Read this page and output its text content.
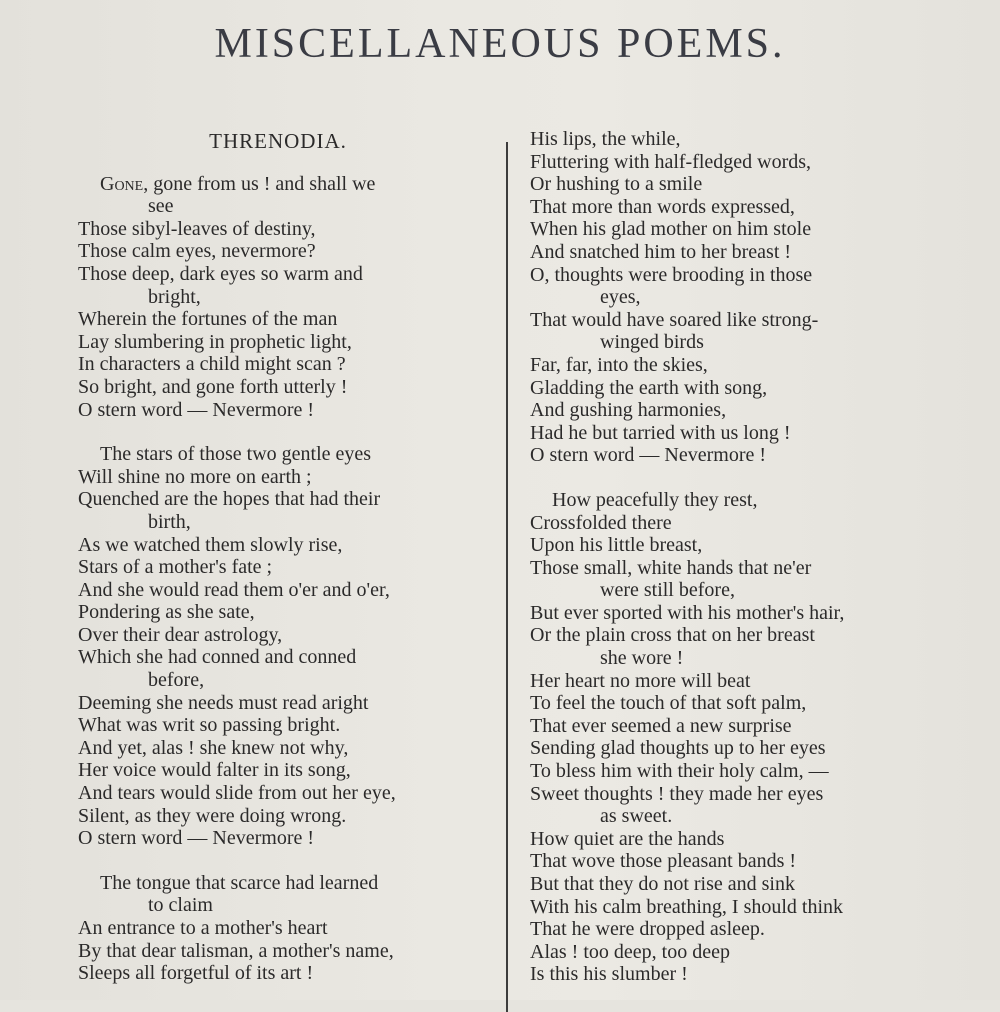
MISCELLANEOUS POEMS.
THRENODIA.
Gone, gone from us ! and shall we
see
Those sibyl-leaves of destiny,
Those calm eyes, nevermore?
Those deep, dark eyes so warm and
bright,
Wherein the fortunes of the man
Lay slumbering in prophetic light,
In characters a child might scan ?
So bright, and gone forth utterly !
O stern word — Nevermore !
The stars of those two gentle eyes
Will shine no more on earth ;
Quenched are the hopes that had their
birth,
As we watched them slowly rise,
Stars of a mother's fate ;
And she would read them o'er and o'er,
Pondering as she sate,
Over their dear astrology,
Which she had conned and conned
before,
Deeming she needs must read aright
What was writ so passing bright.
And yet, alas ! she knew not why,
Her voice would falter in its song,
And tears would slide from out her eye,
Silent, as they were doing wrong.
O stern word — Nevermore !
The tongue that scarce had learned
to claim
An entrance to a mother's heart
By that dear talisman, a mother's name,
Sleeps all forgetful of its art !
His lips, the while,
Fluttering with half-fledged words,
Or hushing to a smile
That more than words expressed,
When his glad mother on him stole
And snatched him to her breast !
O, thoughts were brooding in those
eyes,
That would have soared like strong-
winged birds
Far, far, into the skies,
Gladding the earth with song,
And gushing harmonies,
Had he but tarried with us long !
O stern word — Nevermore !
How peacefully they rest,
Crossfolded there
Upon his little breast,
Those small, white hands that ne'er
were still before,
But ever sported with his mother's hair,
Or the plain cross that on her breast
she wore !
Her heart no more will beat
To feel the touch of that soft palm,
That ever seemed a new surprise
Sending glad thoughts up to her eyes
To bless him with their holy calm, —
Sweet thoughts ! they made her eyes
as sweet.
How quiet are the hands
That wove those pleasant bands !
But that they do not rise and sink
With his calm breathing, I should think
That he were dropped asleep.
Alas ! too deep, too deep
Is this his slumber !
